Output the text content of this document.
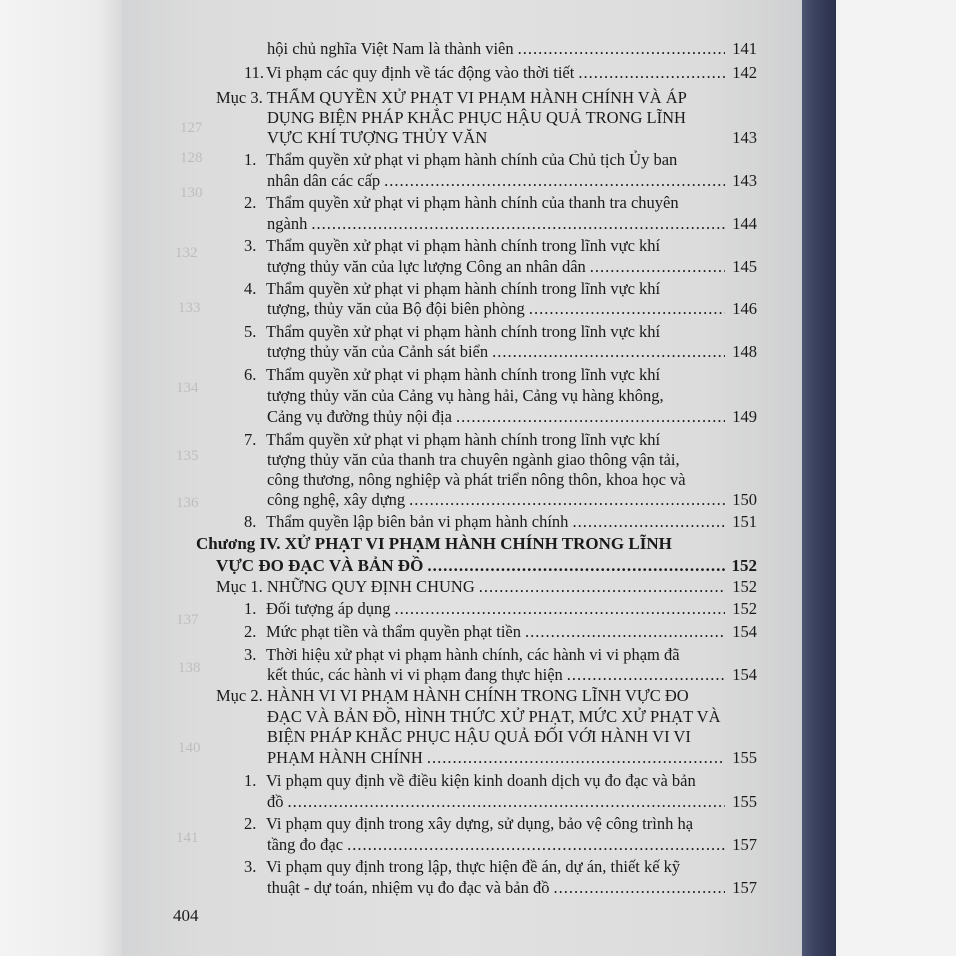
127
128
130
132
133
134
135
136
137
138
140
141
hội chủ nghĩa Việt Nam là thành viên .....	141
11. Vi phạm các quy định về tác động vào thời tiết .....	142
Mục 3. THẨM QUYỀN XỬ PHẠT VI PHẠM HÀNH CHÍNH VÀ ÁP
DỤNG BIỆN PHÁP KHẮC PHỤC HẬU QUẢ TRONG LĨNH
VỰC KHÍ TƯỢNG THỦY VĂN	143
1. Thẩm quyền xử phạt vi phạm hành chính của Chủ tịch Ủy ban
nhân dân các cấp .....	143
2. Thẩm quyền xử phạt vi phạm hành chính của thanh tra chuyên
ngành .....	144
3. Thẩm quyền xử phạt vi phạm hành chính trong lĩnh vực khí
tượng thủy văn của lực lượng Công an nhân dân .....	145
4. Thẩm quyền xử phạt vi phạm hành chính trong lĩnh vực khí
tượng, thủy văn của Bộ đội biên phòng .....	146
5. Thẩm quyền xử phạt vi phạm hành chính trong lĩnh vực khí
tượng thủy văn của Cảnh sát biển .....	148
6. Thẩm quyền xử phạt vi phạm hành chính trong lĩnh vực khí
tượng thủy văn của Cảng vụ hàng hải, Cảng vụ hàng không,
Cảng vụ đường thủy nội địa .....	149
7. Thẩm quyền xử phạt vi phạm hành chính trong lĩnh vực khí
tượng thủy văn của thanh tra chuyên ngành giao thông vận tải,
công thương, nông nghiệp và phát triển nông thôn, khoa học và
công nghệ, xây dựng .....	150
8. Thẩm quyền lập biên bản vi phạm hành chính .....	151
Chương IV. XỬ PHẠT VI PHẠM HÀNH CHÍNH TRONG LĨNH
VỰC ĐO ĐẠC VÀ BẢN ĐỒ .....	152
Mục 1. NHỮNG QUY ĐỊNH CHUNG .....	152
1. Đối tượng áp dụng .....	152
2. Mức phạt tiền và thẩm quyền phạt tiền .....	154
3. Thời hiệu xử phạt vi phạm hành chính, các hành vi vi phạm đã
kết thúc, các hành vi vi phạm đang thực hiện .....	154
Mục 2. HÀNH VI VI PHẠM HÀNH CHÍNH TRONG LĨNH VỰC ĐO
ĐẠC VÀ BẢN ĐỒ, HÌNH THỨC XỬ PHẠT, MỨC XỬ PHẠT VÀ
BIỆN PHÁP KHẮC PHỤC HẬU QUẢ ĐỐI VỚI HÀNH VI VI
PHẠM HÀNH CHÍNH .....	155
1. Vi phạm quy định về điều kiện kinh doanh dịch vụ đo đạc và bản
đồ .....	155
2. Vi phạm quy định trong xây dựng, sử dụng, bảo vệ công trình hạ
tầng đo đạc .....	157
3. Vi phạm quy định trong lập, thực hiện đề án, dự án, thiết kế kỹ
thuật - dự toán, nhiệm vụ đo đạc và bản đồ .....	157
404
